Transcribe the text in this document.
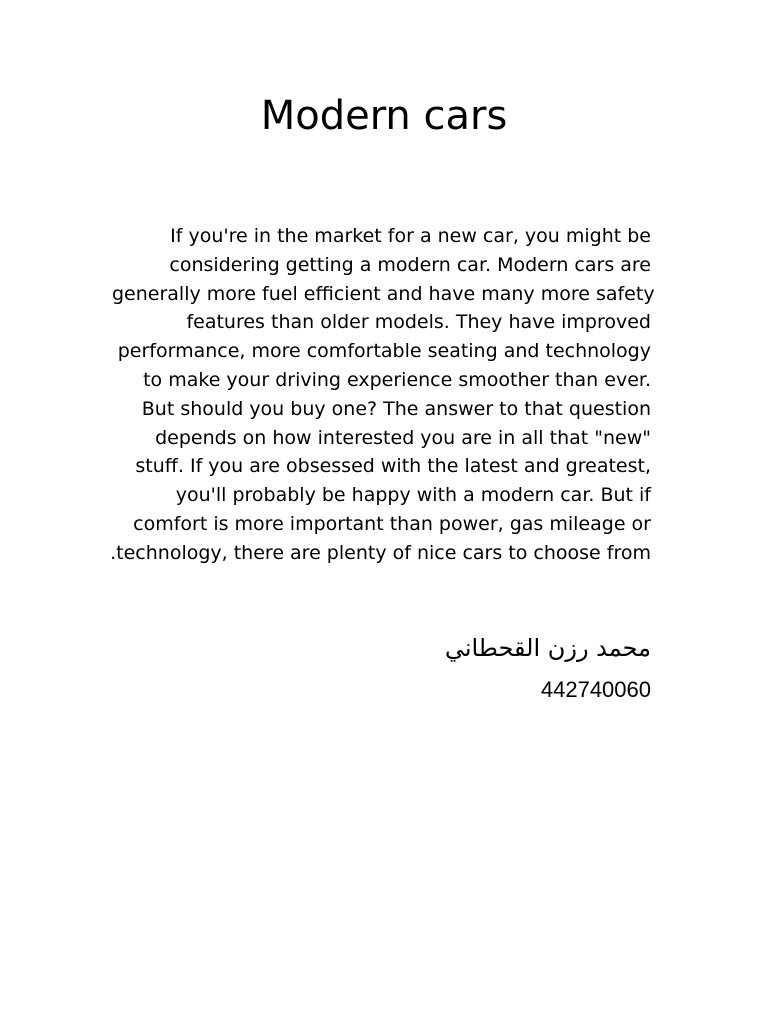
Modern cars
If you're in the market for a new car, you might be
considering getting a modern car. Modern cars are
generally more fuel efficient and have many more safety
features than older models. They have improved
performance, more comfortable seating and technology
to make your driving experience smoother than ever.
But should you buy one? The answer to that question
depends on how interested you are in all that "new"
stuff. If you are obsessed with the latest and greatest,
you'll probably be happy with a modern car. But if
comfort is more important than power, gas mileage or
technology, there are plenty of nice cars to choose from.

محمد رزن القحطاني

442740060
